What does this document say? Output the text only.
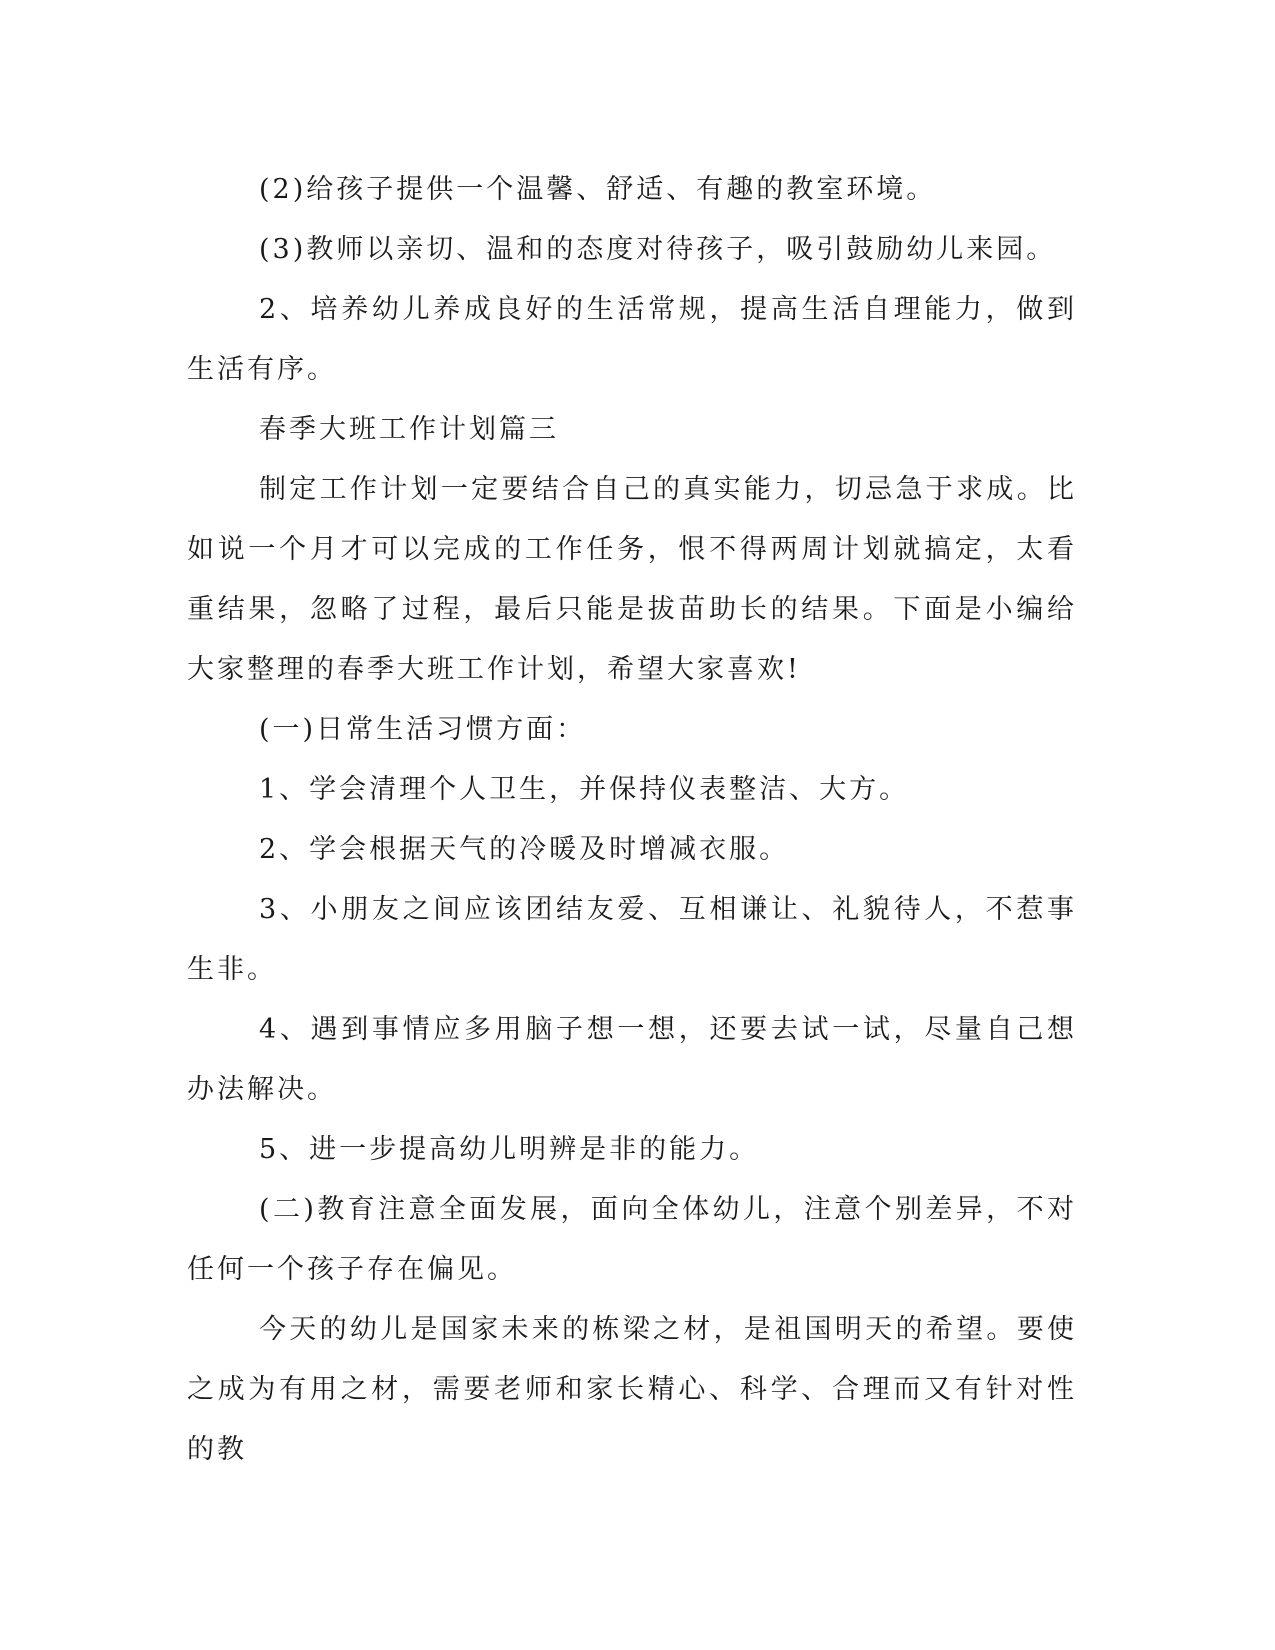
(2)给孩子提供一个温馨、舒适、有趣的教室环境。

(3)教师以亲切、温和的态度对待孩子，吸引鼓励幼儿来园。

2、培养幼儿养成良好的生活常规，提高生活自理能力，做到生活有序。

春季大班工作计划篇三

制定工作计划一定要结合自己的真实能力，切忌急于求成。比如说一个月才可以完成的工作任务，恨不得两周计划就搞定，太看重结果，忽略了过程，最后只能是拔苗助长的结果。下面是小编给大家整理的春季大班工作计划，希望大家喜欢!

(一)日常生活习惯方面：

1、学会清理个人卫生，并保持仪表整洁、大方。

2、学会根据天气的冷暖及时增减衣服。

3、小朋友之间应该团结友爱、互相谦让、礼貌待人，不惹事生非。

4、遇到事情应多用脑子想一想，还要去试一试，尽量自己想办法解决。

5、进一步提高幼儿明辨是非的能力。

(二)教育注意全面发展，面向全体幼儿，注意个别差异，不对任何一个孩子存在偏见。

今天的幼儿是国家未来的栋梁之材，是祖国明天的希望。要使之成为有用之材，需要老师和家长精心、科学、合理而又有针对性的教
